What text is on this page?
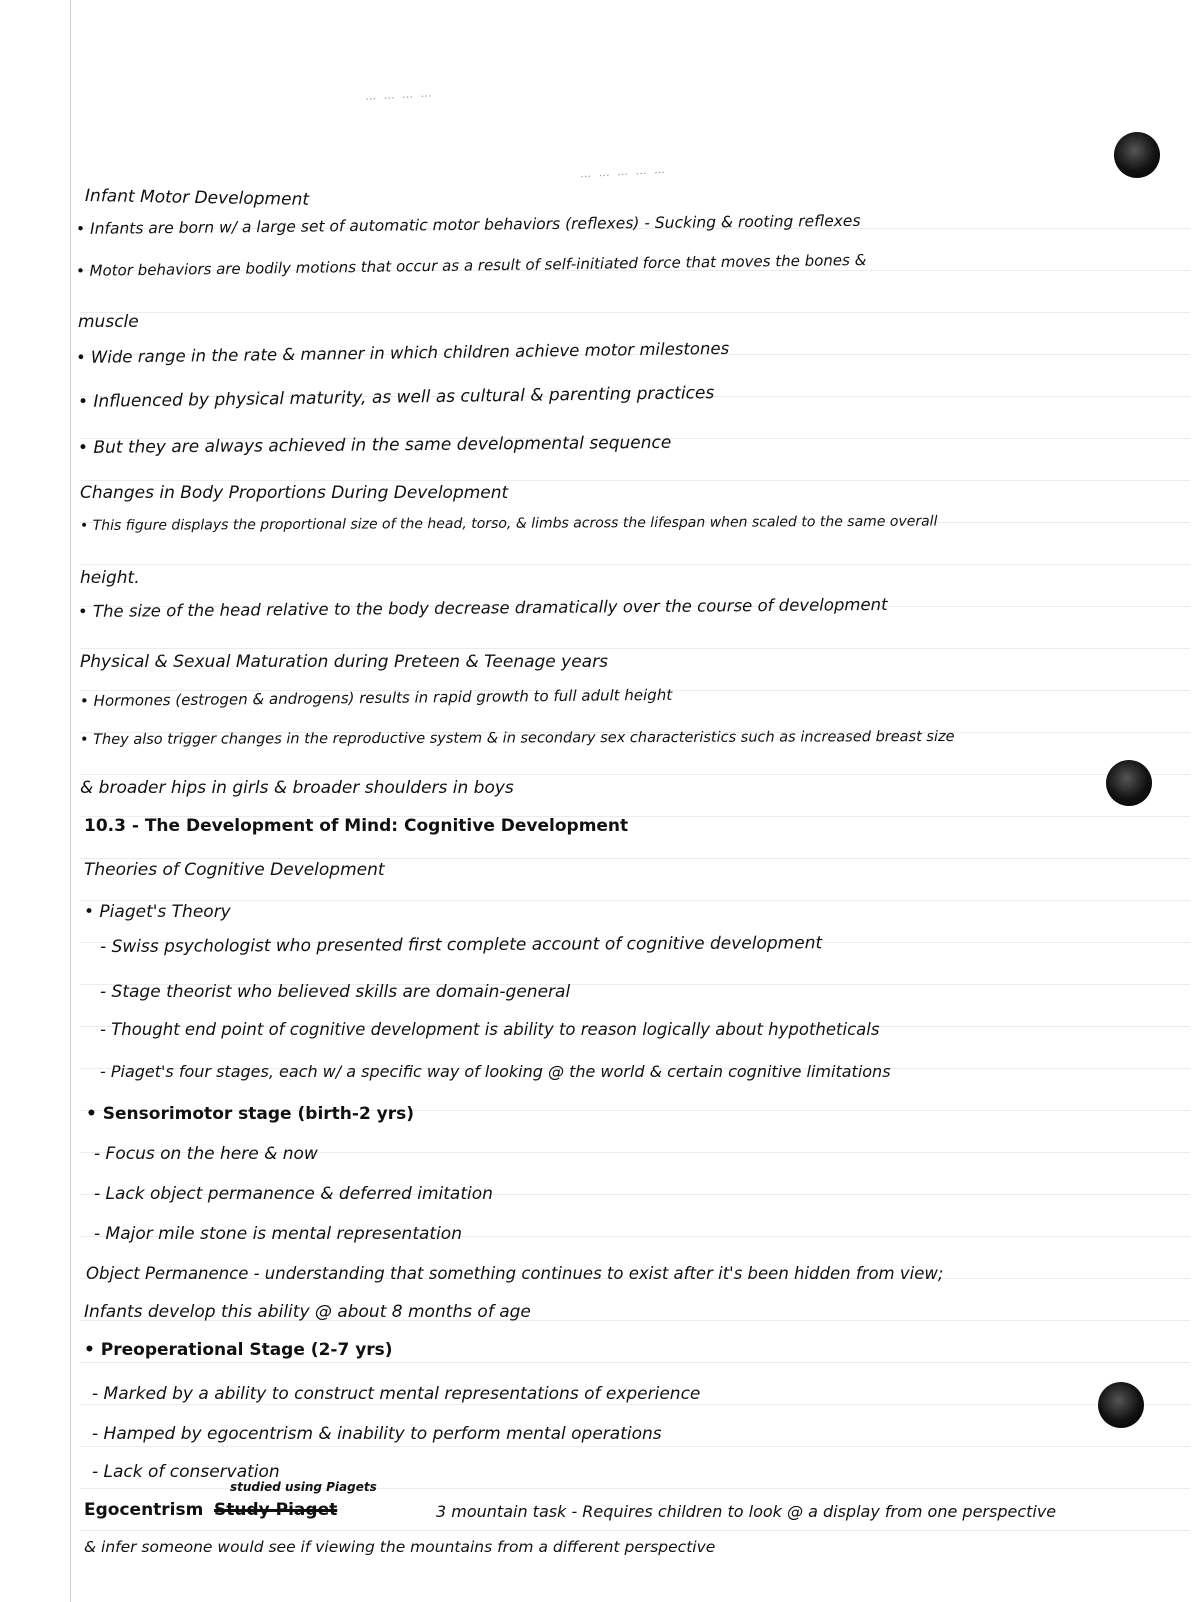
… … … …
… … … … …
Infant Motor Development
• Infants are born w/ a large set of automatic motor behaviors (reflexes) - Sucking & rooting reflexes
• Motor behaviors are bodily motions that occur as a result of self-initiated force that moves the bones &
muscle
• Wide range in the rate & manner in which children achieve motor milestones
• Influenced by physical maturity, as well as cultural & parenting practices
• But they are always achieved in the same developmental sequence
Changes in Body Proportions During Development
• This figure displays the proportional size of the head, torso, & limbs across the lifespan when scaled to the same overall
height.
• The size of the head relative to the body decrease dramatically over the course of development
Physical & Sexual Maturation during Preteen & Teenage years
• Hormones (estrogen & androgens) results in rapid growth to full adult height
• They also trigger changes in the reproductive system & in secondary sex characteristics such as increased breast size
& broader hips in girls & broader shoulders in boys
10.3 - The Development of Mind: Cognitive Development
Theories of Cognitive Development
• Piaget's Theory
- Swiss psychologist who presented first complete account of cognitive development
- Stage theorist who believed skills are domain-general
- Thought end point of cognitive development is ability to reason logically about hypotheticals
- Piaget's four stages, each w/ a specific way of looking @ the world & certain cognitive limitations
• Sensorimotor stage (birth-2 yrs)
- Focus on the here & now
- Lack object permanence & deferred imitation
- Major mile stone is mental representation
Object Permanence - understanding that something continues to exist after it's been hidden from view;
Infants develop this ability @ about 8 months of age
• Preoperational Stage (2-7 yrs)
- Marked by a ability to construct mental representations of experience
- Hamped by egocentrism & inability to perform mental operations
- Lack of conservation
Egocentrism Study Piaget
studied using Piagets
3 mountain task - Requires children to look @ a display from one perspective
& infer someone would see if viewing the mountains from a different perspective
